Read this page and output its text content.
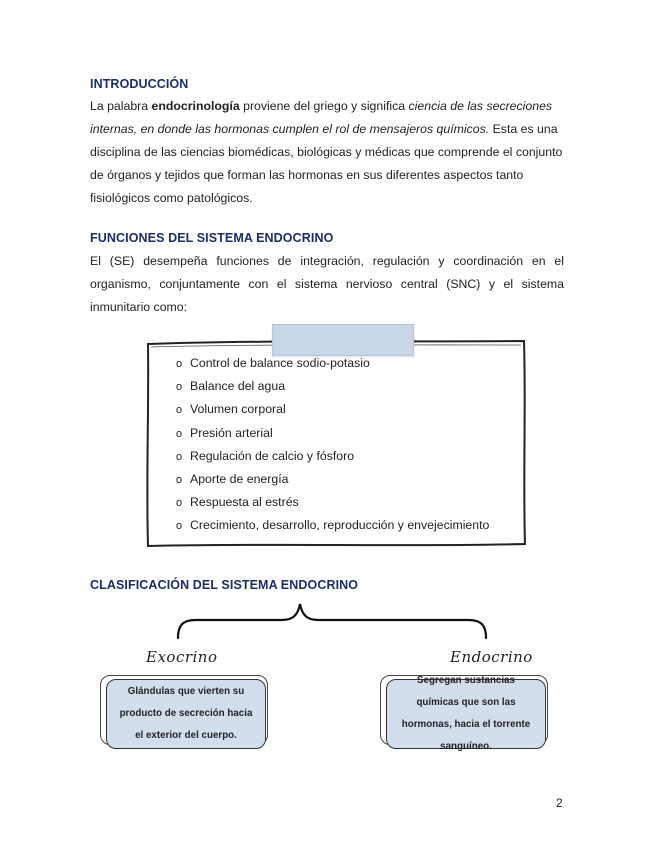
INTRODUCCIÓN

La palabra endocrinología proviene del griego y significa ciencia de las secreciones internas, en donde las hormonas cumplen el rol de mensajeros químicos. Esta es una disciplina de las ciencias biomédicas, biológicas y médicas que comprende el conjunto de órganos y tejidos que forman las hormonas en sus diferentes aspectos tanto fisiológicos como patológicos.

FUNCIONES DEL SISTEMA ENDOCRINO

El (SE) desempeña funciones de integración, regulación y coordinación en el organismo, conjuntamente con el sistema nervioso central (SNC) y el sistema inmunitario como:

o Control de balance sodio-potasio
o Balance del agua
o Volumen corporal
o Presión arterial
o Regulación de calcio y fósforo
o Aporte de energía
o Respuesta al estrés
o Crecimiento, desarrollo, reproducción y envejecimiento
CLASIFICACIÓN DEL SISTEMA ENDOCRINO

Exocrino	Endocrino

Glándulas que vierten su producto de secreción hacia el exterior del cuerpo.

Segregan sustancias químicas que son las hormonas, hacia el torrente sanguíneo.

2
